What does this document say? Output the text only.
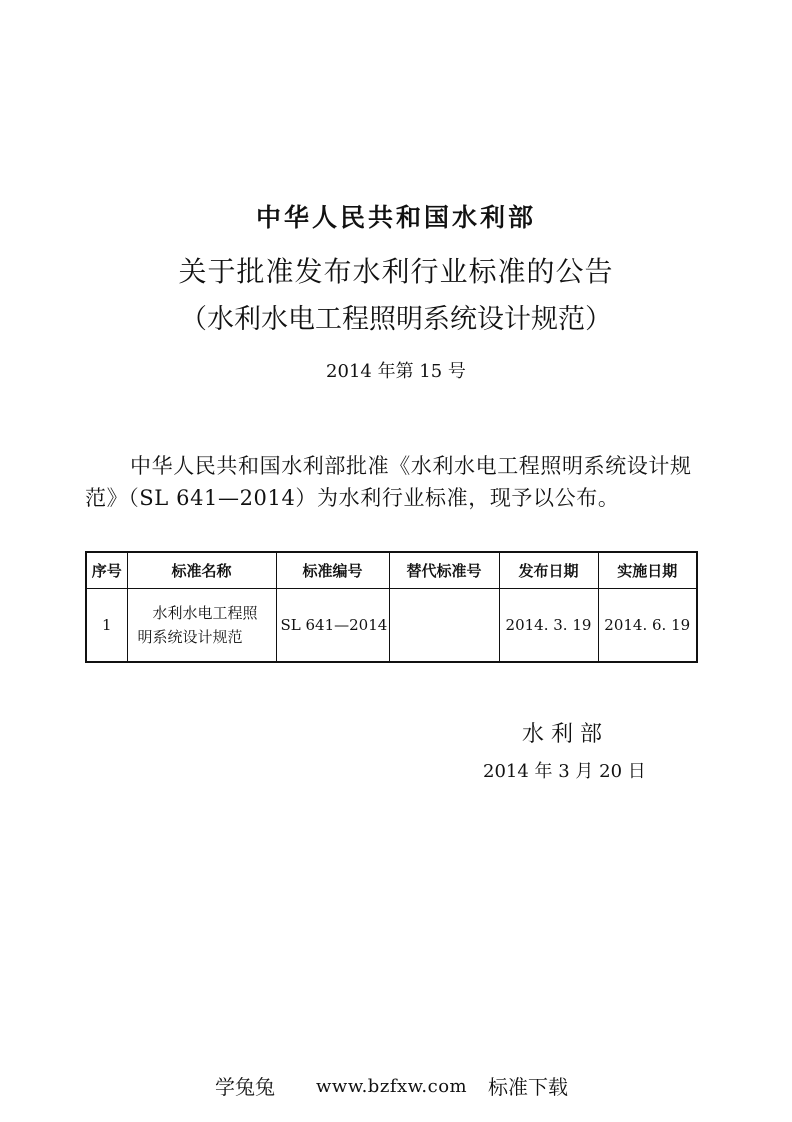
中华人民共和国水利部
关于批准发布水利行业标准的公告
（水利水电工程照明系统设计规范）
2014 年第 15 号
中华人民共和国水利部批准《水利水电工程照明系统设计规
范》（SL 641—2014）为水利行业标准，现予以公布。
序号	标准名称	标准编号	替代标准号	发布日期	实施日期
1	水利水电工程照明系统设计规范	SL 641—2014		2014. 3. 19	2014. 6. 19
水 利 部
2014 年 3 月 20 日
学兔兔 www.bzfxw.com 标准下载
